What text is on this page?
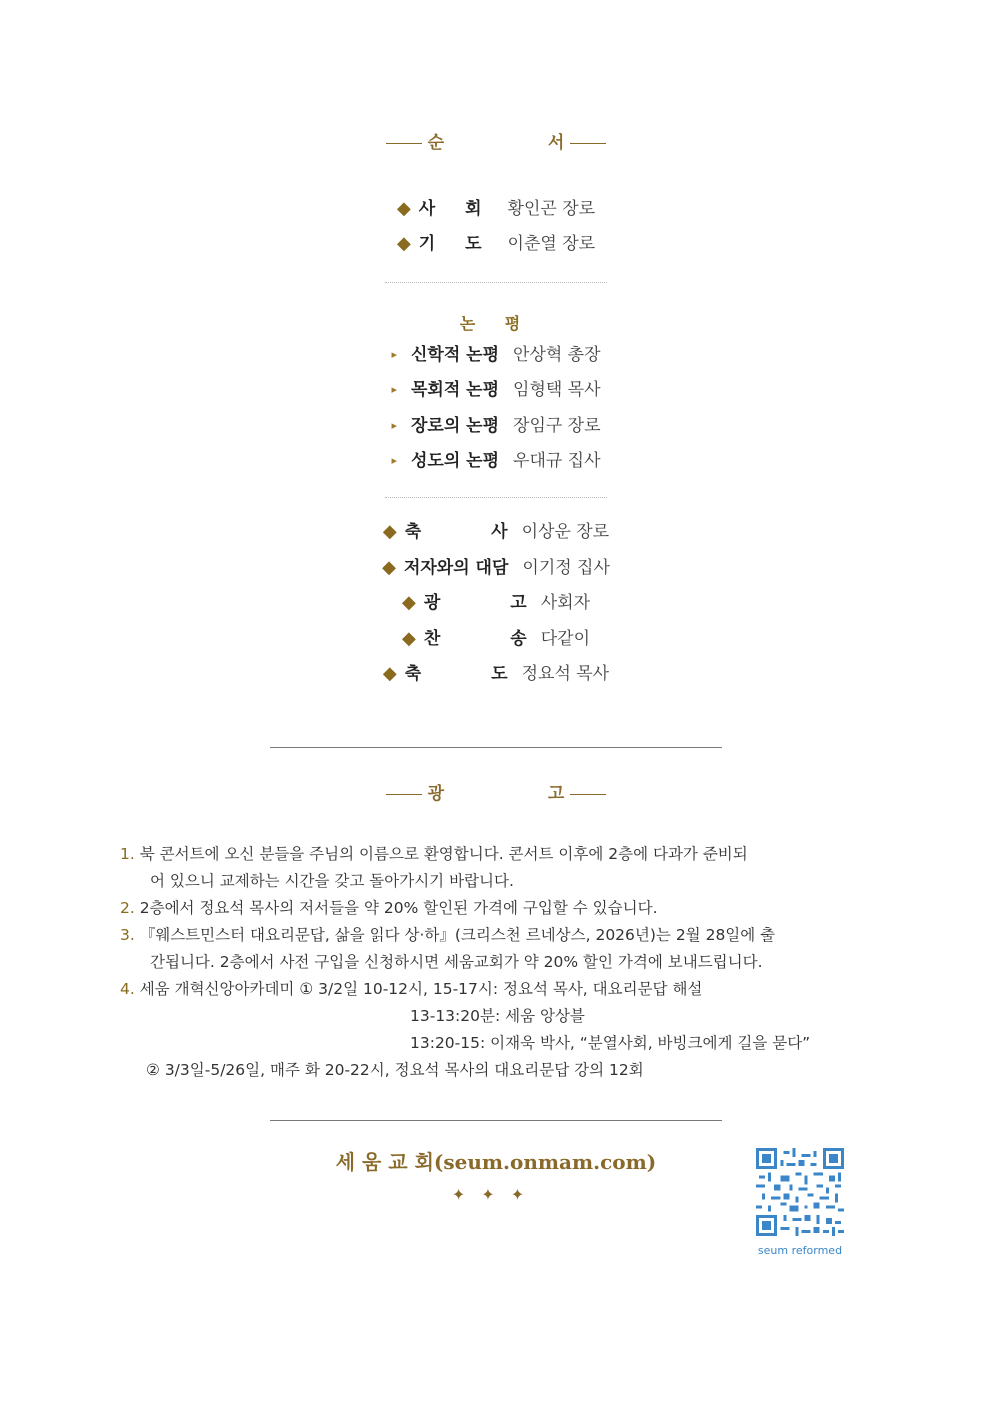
순	서
◆ 사 회 황인곤 장로
◆ 기 도 이춘열 장로
논 평
▸ 신학적 논평 안상혁 총장
▸ 목회적 논평 임형택 목사
▸ 장로의 논평 장임구 장로
▸ 성도의 논평 우대규 집사
◆ 축	사 이상운 장로
◆ 저자와의 대담 이기정 집사
◆ 광	고 사회자
◆ 찬	송 다같이
◆ 축	도 정요석 목사
광	고
1. 북 콘서트에 오신 분들을 주님의 이름으로 환영합니다. 콘서트 이후에 2층에 다과가 준비되
어 있으니 교제하는 시간을 갖고 돌아가시기 바랍니다.
2. 2층에서 정요석 목사의 저서들을 약 20% 할인된 가격에 구입할 수 있습니다.
3. 『웨스트민스터 대요리문답, 삶을 읽다 상·하』(크리스천 르네상스, 2026년)는 2월 28일에 출
간됩니다. 2층에서 사전 구입을 신청하시면 세움교회가 약 20% 할인 가격에 보내드립니다.
4. 세움 개혁신앙아카데미 ① 3/2일 10-12시, 15-17시: 정요석 목사, 대요리문답 해설
13-13:20분: 세움 앙상블
13:20-15: 이재욱 박사, “분열사회, 바빙크에게 길을 묻다”
② 3/3일-5/26일, 매주 화 20-22시, 정요석 목사의 대요리문답 강의 12회
세 움 교 회(seum.onmam.com)
✦✦✦
seum reformed
